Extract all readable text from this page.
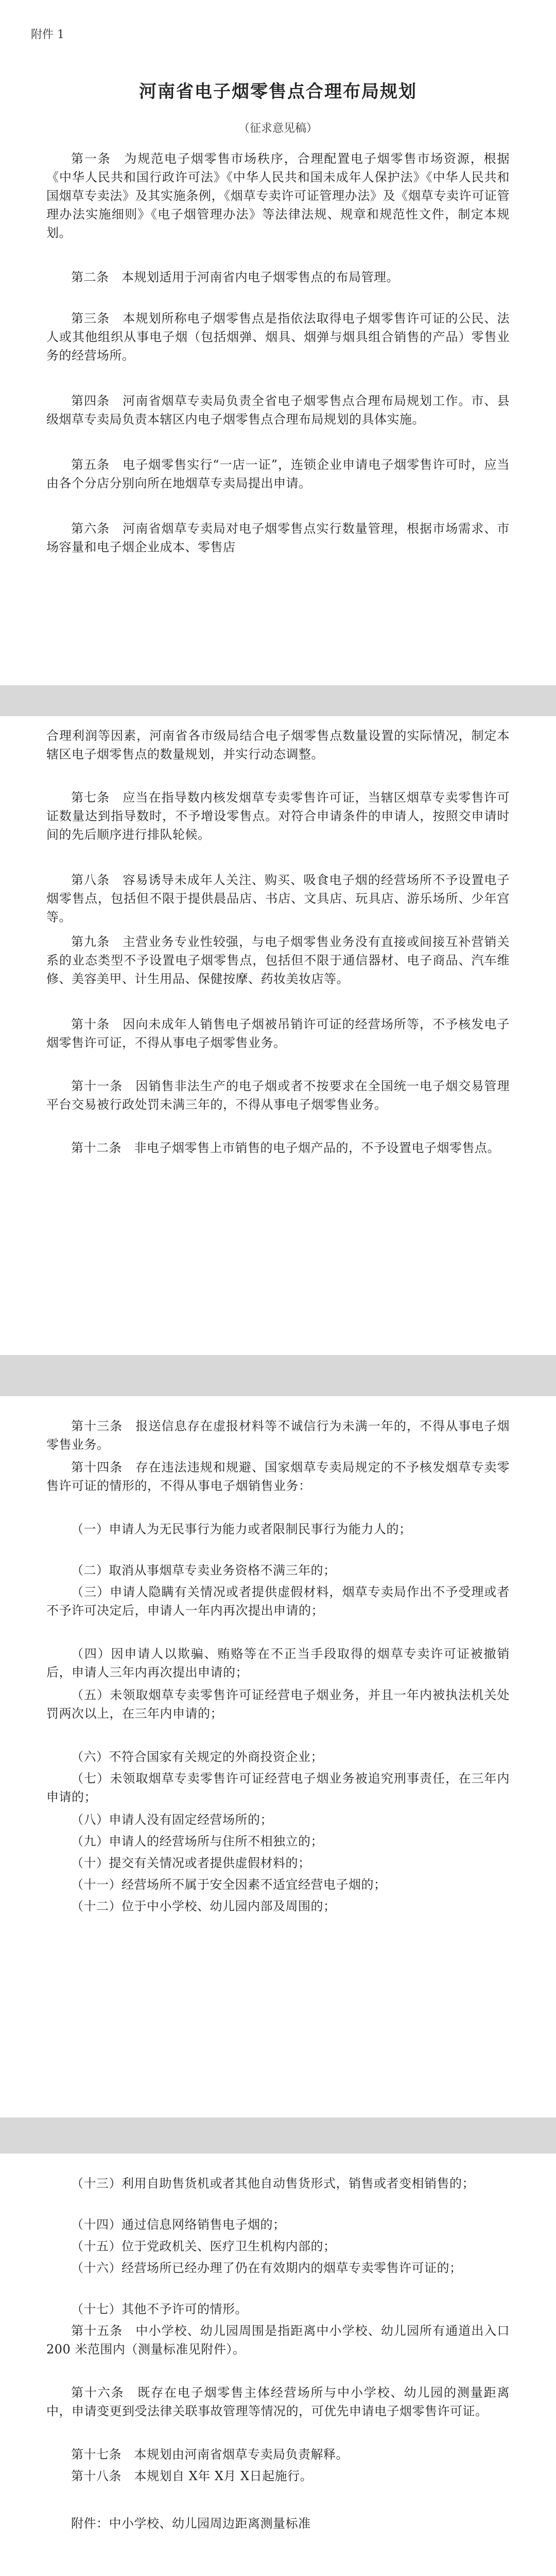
附件 1
河南省电子烟零售点合理布局规划
（征求意见稿）

第一条　为规范电子烟零售市场秩序，合理配置电子烟零售市场资源，根据《中华人民共和国行政许可法》《中华人民共和国未成年人保护法》《中华人民共和国烟草专卖法》及其实施条例，《烟草专卖许可证管理办法》及《烟草专卖许可证管理办法实施细则》《电子烟管理办法》等法律法规、规章和规范性文件，制定本规划。

第二条　本规划适用于河南省内电子烟零售点的布局管理。

第三条　本规划所称电子烟零售点是指依法取得电子烟零售许可证的公民、法人或其他组织从事电子烟（包括烟弹、烟具、烟弹与烟具组合销售的产品）零售业务的经营场所。

第四条　河南省烟草专卖局负责全省电子烟零售点合理布局规划工作。市、县级烟草专卖局负责本辖区内电子烟零售点合理布局规划的具体实施。

第五条　电子烟零售实行“一店一证”，连锁企业申请电子烟零售许可时，应当由各个分店分别向所在地烟草专卖局提出申请。

第六条　河南省烟草专卖局对电子烟零售点实行数量管理，根据市场需求、市场容量和电子烟企业成本、零售店

合理利润等因素，河南省各市级局结合电子烟零售点数量设置的实际情况，制定本辖区电子烟零售点的数量规划，并实行动态调整。

第七条　应当在指导数内核发烟草专卖零售许可证，当辖区烟草专卖零售许可证数量达到指导数时，不予增设零售点。对符合申请条件的申请人，按照交申请时间的先后顺序进行排队轮候。

第八条　容易诱导未成年人关注、购买、吸食电子烟的经营场所不予设置电子烟零售点，包括但不限于提供晨品店、书店、文具店、玩具店、游乐场所、少年宫等。

第九条　主营业务专业性较强，与电子烟零售业务没有直接或间接互补营销关系的业态类型不予设置电子烟零售点，包括但不限于通信器材、电子商品、汽车维修、美容美甲、计生用品、保健按摩、药妆美妆店等。

第十条　因向未成年人销售电子烟被吊销许可证的经营场所等，不予核发电子烟零售许可证，不得从事电子烟零售业务。

第十一条　因销售非法生产的电子烟或者不按要求在全国统一电子烟交易管理平台交易被行政处罚未满三年的，不得从事电子烟零售业务。

第十二条　非电子烟零售上市销售的电子烟产品的，不予设置电子烟零售点。

第十三条　报送信息存在虚报材料等不诚信行为未满一年的，不得从事电子烟零售业务。

第十四条　存在违法违规和规避、国家烟草专卖局规定的不予核发烟草专卖零售许可证的情形的，不得从事电子烟销售业务：

（一）申请人为无民事行为能力或者限制民事行为能力人的；

（二）取消从事烟草专卖业务资格不满三年的；

（三）申请人隐瞒有关情况或者提供虚假材料，烟草专卖局作出不予受理或者不予许可决定后，申请人一年内再次提出申请的；

（四）因申请人以欺骗、贿赂等在不正当手段取得的烟草专卖许可证被撤销后，申请人三年内再次提出申请的；

（五）未领取烟草专卖零售许可证经营电子烟业务，并且一年内被执法机关处罚两次以上，在三年内申请的；

（六）不符合国家有关规定的外商投资企业；

（七）未领取烟草专卖零售许可证经营电子烟业务被追究刑事责任，在三年内申请的；

（八）申请人没有固定经营场所的；

（九）申请人的经营场所与住所不相独立的；

（十）提交有关情况或者提供虚假材料的；

（十一）经营场所不属于安全因素不适宜经营电子烟的；

（十二）位于中小学校、幼儿园内部及周围的；

（十三）利用自助售货机或者其他自动售货形式，销售或者变相销售的；

（十四）通过信息网络销售电子烟的；

（十五）位于党政机关、医疗卫生机构内部的；

（十六）经营场所已经办理了仍在有效期内的烟草专卖零售许可证的；

（十七）其他不予许可的情形。

第十五条　中小学校、幼儿园周围是指距离中小学校、幼儿园所有通道出入口 200 米范围内（测量标准见附件）。

第十六条　既存在电子烟零售主体经营场所与中小学校、幼儿园的测量距离中，申请变更到受法律关联事故管理等情况的，可优先申请电子烟零售许可证。

第十七条　本规划由河南省烟草专卖局负责解释。

第十八条　本规划自 X年 X月 X日起施行。

附件：中小学校、幼儿园周边距离测量标准
